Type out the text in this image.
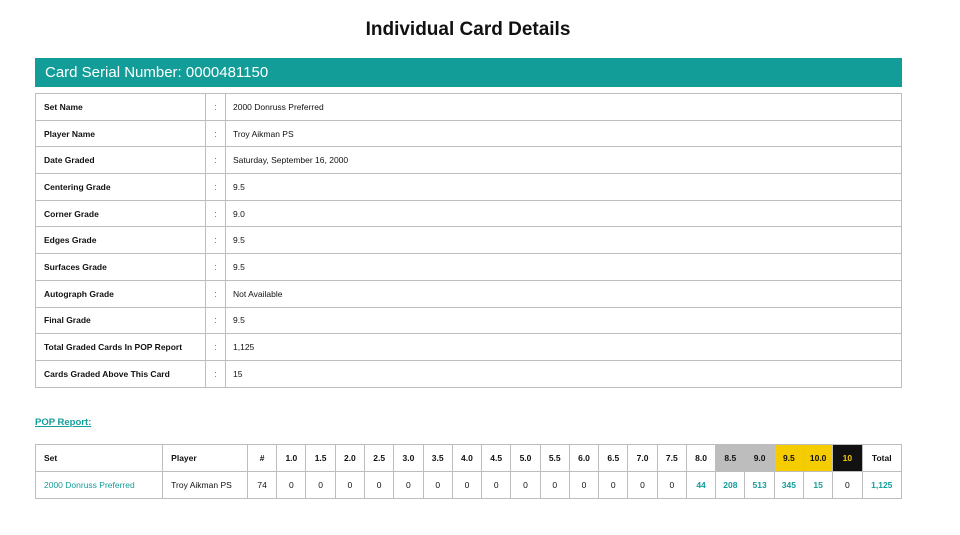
Individual Card Details
Card Serial Number: 0000481150
Set Name	:	2000 Donruss Preferred
Player Name	:	Troy Aikman PS
Date Graded	:	Saturday, September 16, 2000
Centering Grade	:	9.5
Corner Grade	:	9.0
Edges Grade	:	9.5
Surfaces Grade	:	9.5
Autograph Grade	:	Not Available
Final Grade	:	9.5
Total Graded Cards In POP Report	:	1,125
Cards Graded Above This Card	:	15
POP Report:
Set	Player	#	1.0	1.5	2.0	2.5	3.0	3.5	4.0	4.5	5.0	5.5	6.0	6.5	7.0	7.5	8.0	8.5	9.0	9.5	10.0	10	Total
2000 Donruss Preferred	Troy Aikman PS	74	0	0	0	0	0	0	0	0	0	0	0	0	0	0	44	208	513	345	15	0	1,125
